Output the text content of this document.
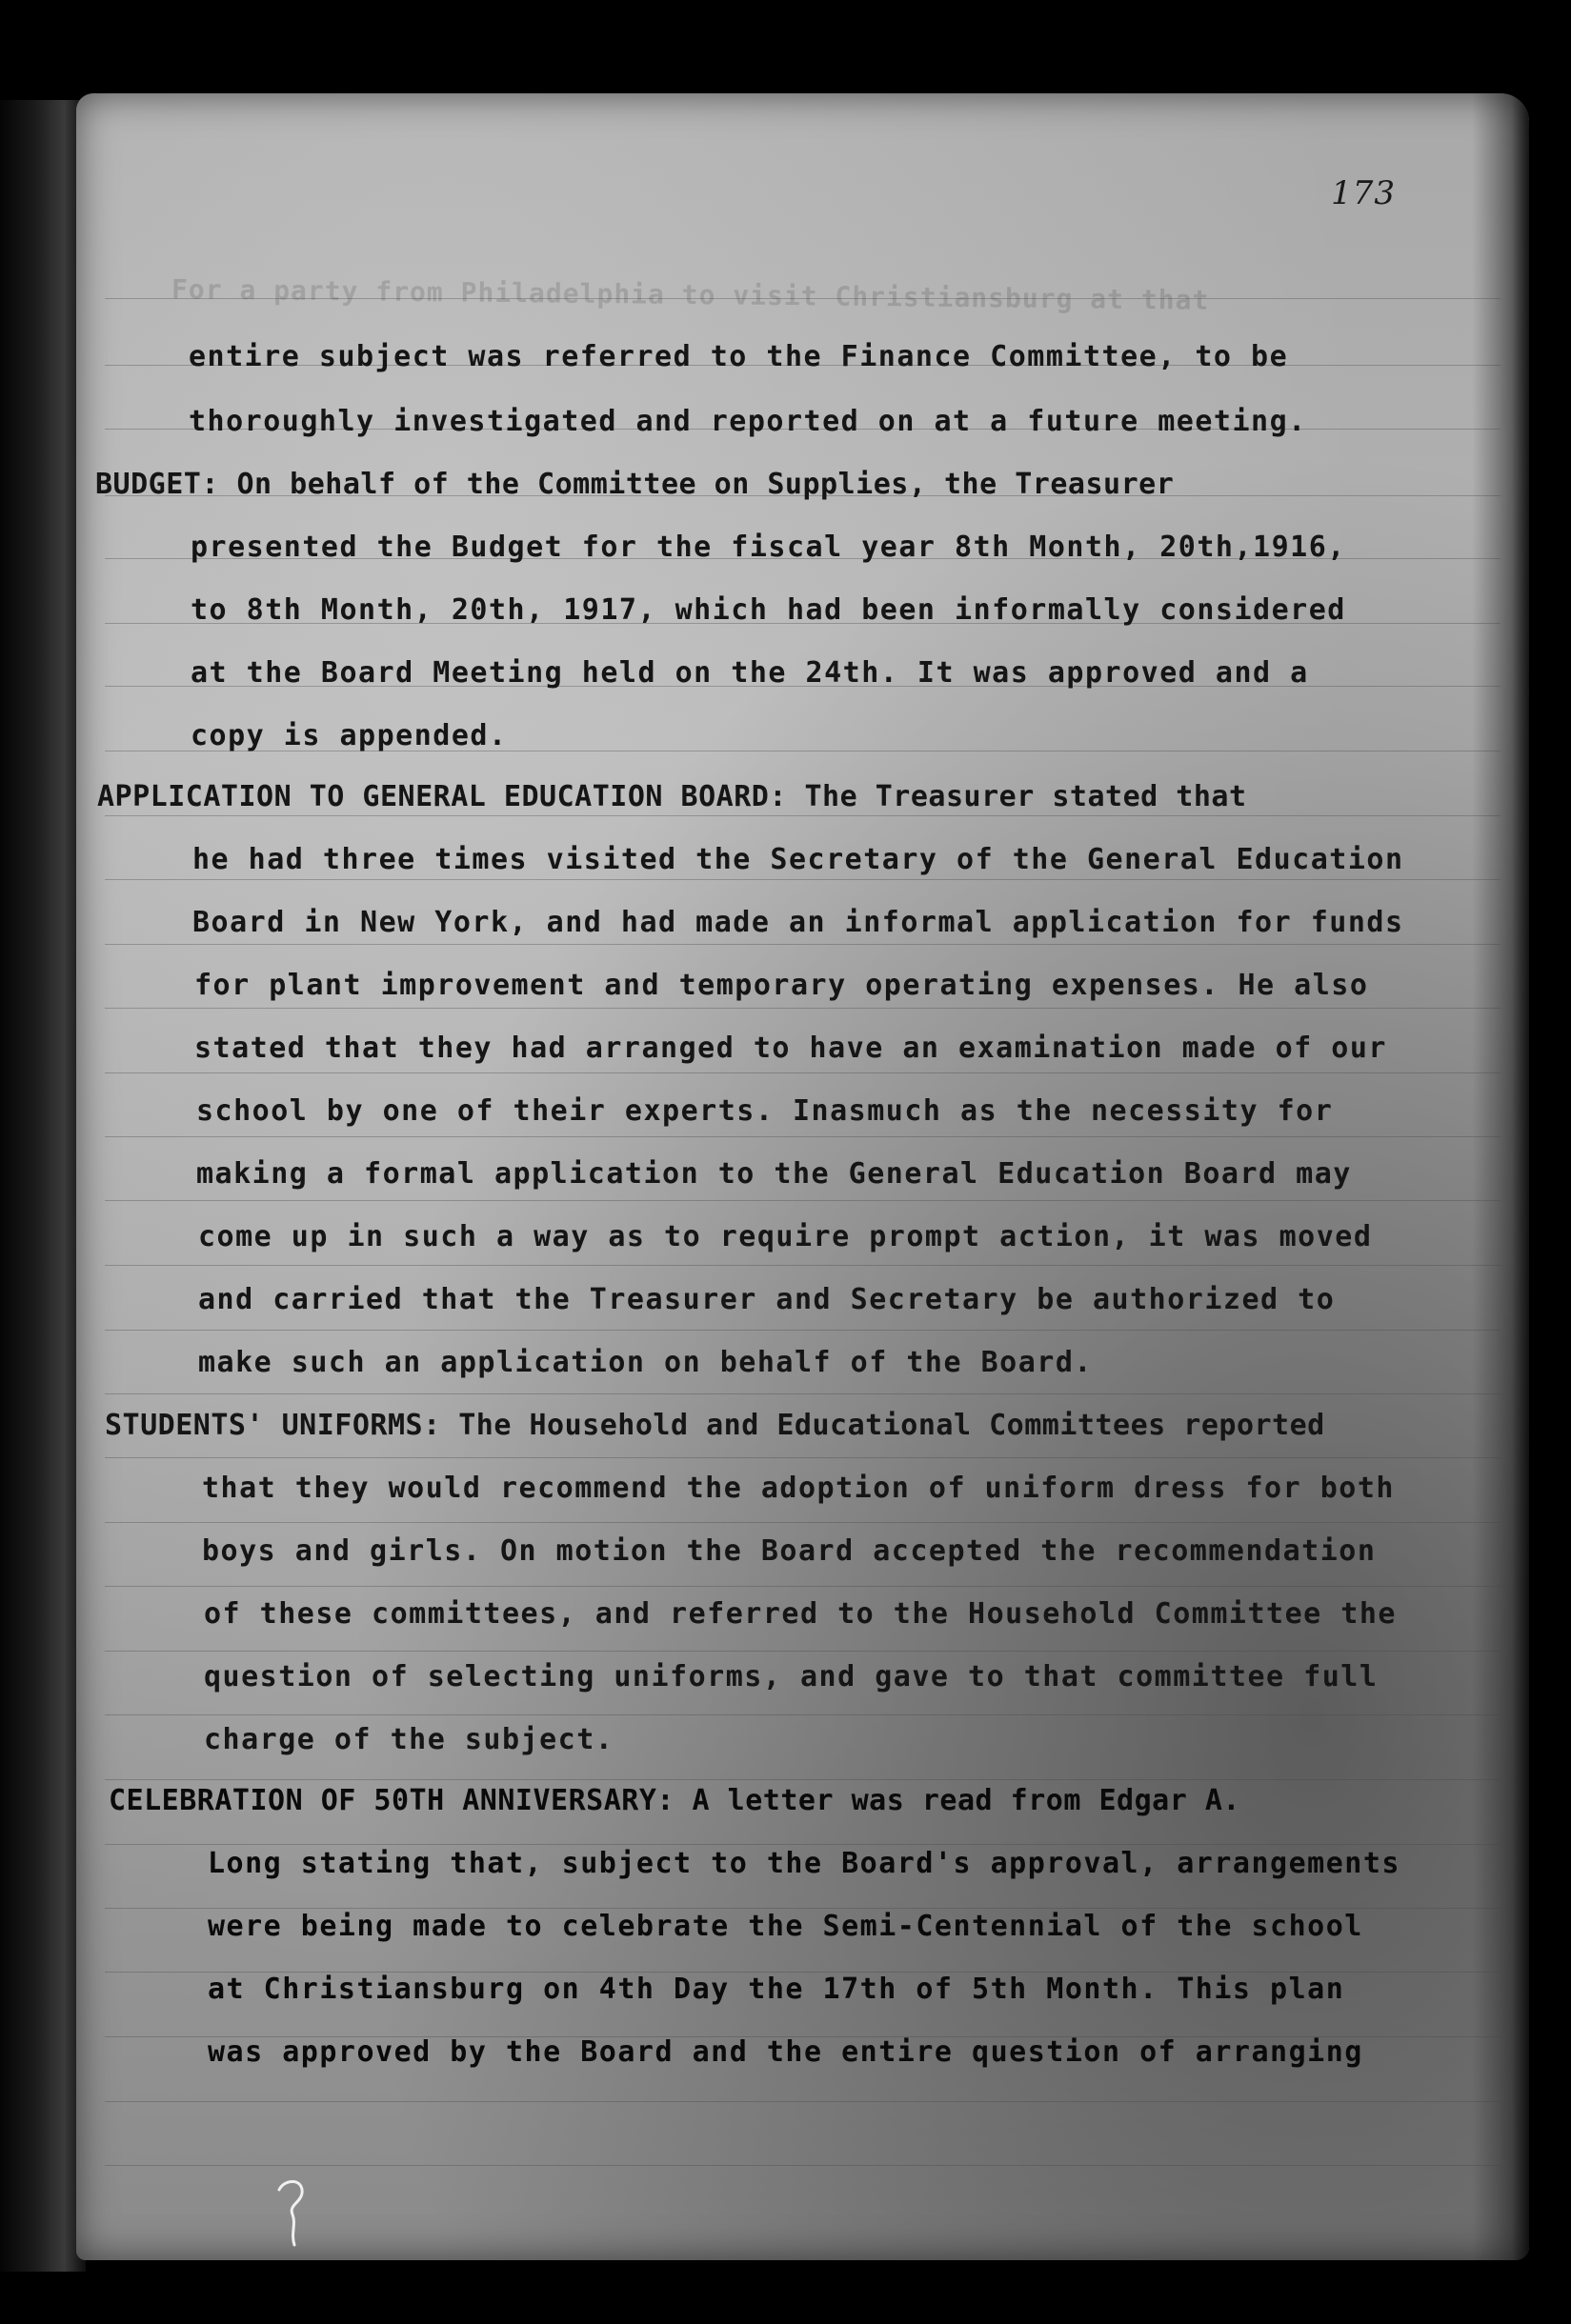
173
For a party from Philadelphia to visit Christiansburg at that
entire subject was referred to the Finance Committee, to be
thoroughly investigated and reported on at a future meeting.
BUDGET: On behalf of the Committee on Supplies, the Treasurer
presented the Budget for the fiscal year 8th Month, 20th,1916,
to 8th Month, 20th, 1917, which had been informally considered
at the Board Meeting held on the 24th. It was approved and a
copy is appended.
APPLICATION TO GENERAL EDUCATION BOARD: The Treasurer stated that
he had three times visited the Secretary of the General Education
Board in New York, and had made an informal application for funds
for plant improvement and temporary operating expenses. He also
stated that they had arranged to have an examination made of our
school by one of their experts. Inasmuch as the necessity for
making a formal application to the General Education Board may
come up in such a way as to require prompt action, it was moved
and carried that the Treasurer and Secretary be authorized to
make such an application on behalf of the Board.
STUDENTS' UNIFORMS: The Household and Educational Committees reported
that they would recommend the adoption of uniform dress for both
boys and girls. On motion the Board accepted the recommendation
of these committees, and referred to the Household Committee the
question of selecting uniforms, and gave to that committee full
charge of the subject.
CELEBRATION OF 50TH ANNIVERSARY: A letter was read from Edgar A.
Long stating that, subject to the Board's approval, arrangements
were being made to celebrate the Semi-Centennial of the school
at Christiansburg on 4th Day the 17th of 5th Month. This plan
was approved by the Board and the entire question of arranging
